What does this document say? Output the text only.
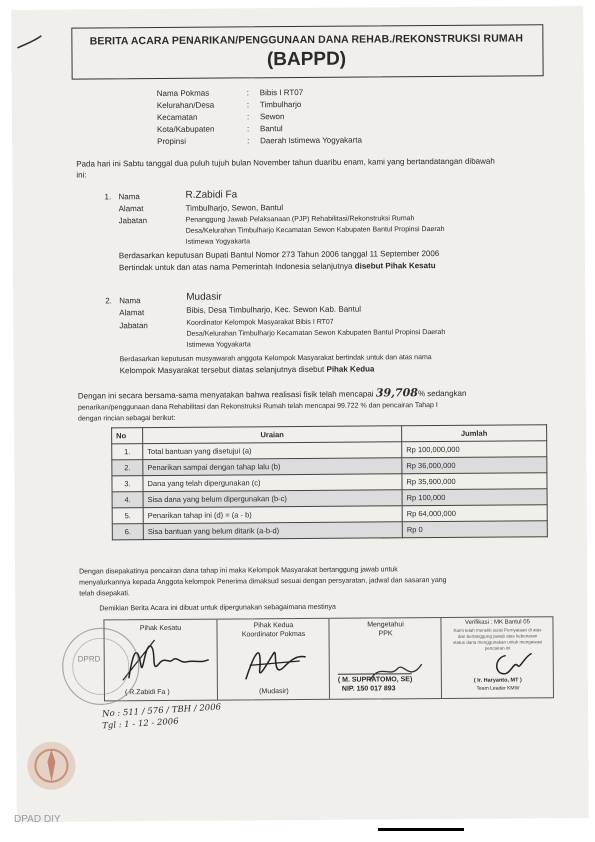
BERITA ACARA PENARIKAN/PENGGUNAAN DANA REHAB./REKONSTRUKSI RUMAH
(BAPPD)
Nama Pokmas	: Bibis I RT07
Kelurahan/Desa	: Timbulharjo
Kecamatan	: Sewon
Kota/Kabupaten	: Bantul
Propinsi	: Daerah Istimewa Yogyakarta
Pada hari ini Sabtu tanggal dua puluh tujuh bulan November tahun duaribu enam, kami yang bertandatangan dibawah
ini:
1. Nama	R.Zabidi Fa
Alamat	Timbulharjo, Sewon, Bantul
Jabatan	Penanggung Jawab Pelaksanaan (PJP) Rehabilitasi/Rekonstruksi Rumah
Desa/Kelurahan Timbulharjo Kecamatan Sewon Kabupaten Bantul Propinsi Daerah
Istimewa Yogyakarta
Berdasarkan keputusan Bupati Bantul Nomor 273 Tahun 2006 tanggal 11 September 2006
Bertindak untuk dan atas nama Pemerintah Indonesia selanjutnya disebut Pihak Kesatu
2. Nama	Mudasir
Alamat	Bibis, Desa Timbulharjo, Kec. Sewon Kab. Bantul
Jabatan	Koordinator Kelompok Masyarakat Bibis I RT07
Desa/Kelurahan Timbulharjo Kecamatan Sewon Kabupaten Bantul Propinsi Daerah
Istimewa Yogyakarta
Berdasarkan keputusan musyawarah anggota Kelompok Masyarakat bertindak untuk dan atas nama
Kelompok Masyarakat tersebut diatas selanjutnya disebut Pihak Kedua
Dengan ini secara bersama-sama menyatakan bahwa realisasi fisik telah mencapai 39,708% sedangkan
penarikan/penggunaan dana Rehabilitasi dan Rekonstruksi Rumah telah mencapai 99.722 % dan pencairan Tahap I
dengan rincian sebagai berikut:
No	Uraian	Jumlah
1.	Total bantuan yang disetujui (a)	Rp 100,000,000
2.	Penarikan sampai dengan tahap lalu (b)	Rp 36,000,000
3.	Dana yang telah dipergunakan (c)	Rp 35,900,000
4.	Sisa dana yang belum dipergunakan (b-c)	Rp 100,000
5.	Penarikan tahap ini (d) = (a - b)	Rp 64,000,000
6.	Sisa bantuan yang belum ditarik (a-b-d)	Rp 0
Dengan disepakatinya pencairan dana tahap ini maka Kelompok Masyarakat bertanggung jawab untuk
menyalurkannya kepada Anggota kelompok Penerima dimaksud sesuai dengan persyaratan, jadwal dan sasaran yang
telah disepakati.
Demikian Berita Acara ini dibuat untuk dipergunakan sebagaimana mestinya
Pihak Kesatu
( R.Zabidi Fa )
Pihak Kedua
Koordinator Pokmas
(Mudasir)
Mengetahui
PPK
( M. SUPRATOMO, SE)
NIP. 150 017 893
Verifikasi : MK Bantul 05
Kami telah meneliti surat Pernyataan di atas
dan bertanggung jawab atas kebenaran
status dana menggunakan untuk mengawasi
pencairan ini
( Ir. Haryanto, MT )
Team Leader KMW
DPRD
No : 511 / 576 / TBH / 2006
Tgl : 1 - 12 - 2006
DPAD DIY
